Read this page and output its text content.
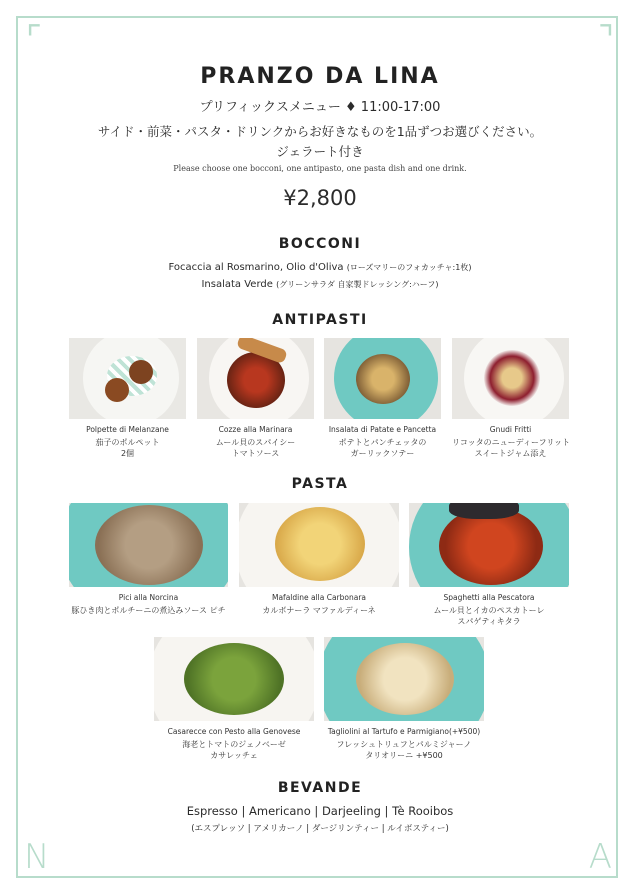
⌜	⌝
N	A
PRANZO DA LINA
プリフィックスメニュー ♦ 11:00-17:00
サイド・前菜・パスタ・ドリンクからお好きなものを1品ずつお選びください。
ジェラート付き
Please choose one bocconi, one antipasto, one pasta dish and one drink.
¥2,800
BOCCONI
Focaccia al Rosmarino, Olio d'Oliva (ローズマリーのフォカッチャ:1枚)
Insalata Verde (グリーンサラダ 自家製ドレッシング:ハーフ)
ANTIPASTI
Polpette di Melanzane
茄子のポルペット
2個
Cozze alla Marinara
ムール貝のスパイシー
トマトソース
Insalata di Patate e Pancetta
ポテトとパンチェッタの
ガーリックソテー
Gnudi Fritti
リコッタのニューディーフリット
スイートジャム添え
PASTA
Pici alla Norcina
豚ひき肉とポルチーニの煮込みソース ピチ
Mafaldine alla Carbonara
カルボナーラ マファルディーネ
Spaghetti alla Pescatora
ムール貝とイカのペスカトーレ
スパゲティキタラ
Casarecce con Pesto alla Genovese
海老とトマトのジェノベーゼ
カサレッチェ
Tagliolini al Tartufo e Parmigiano(+¥500)
フレッシュトリュフとパルミジャーノ
タリオリーニ +¥500
BEVANDE
Espresso | Americano | Darjeeling | Tè Rooibos
(エスプレッソ | アメリカーノ | ダージリンティー | ルイボスティー)
